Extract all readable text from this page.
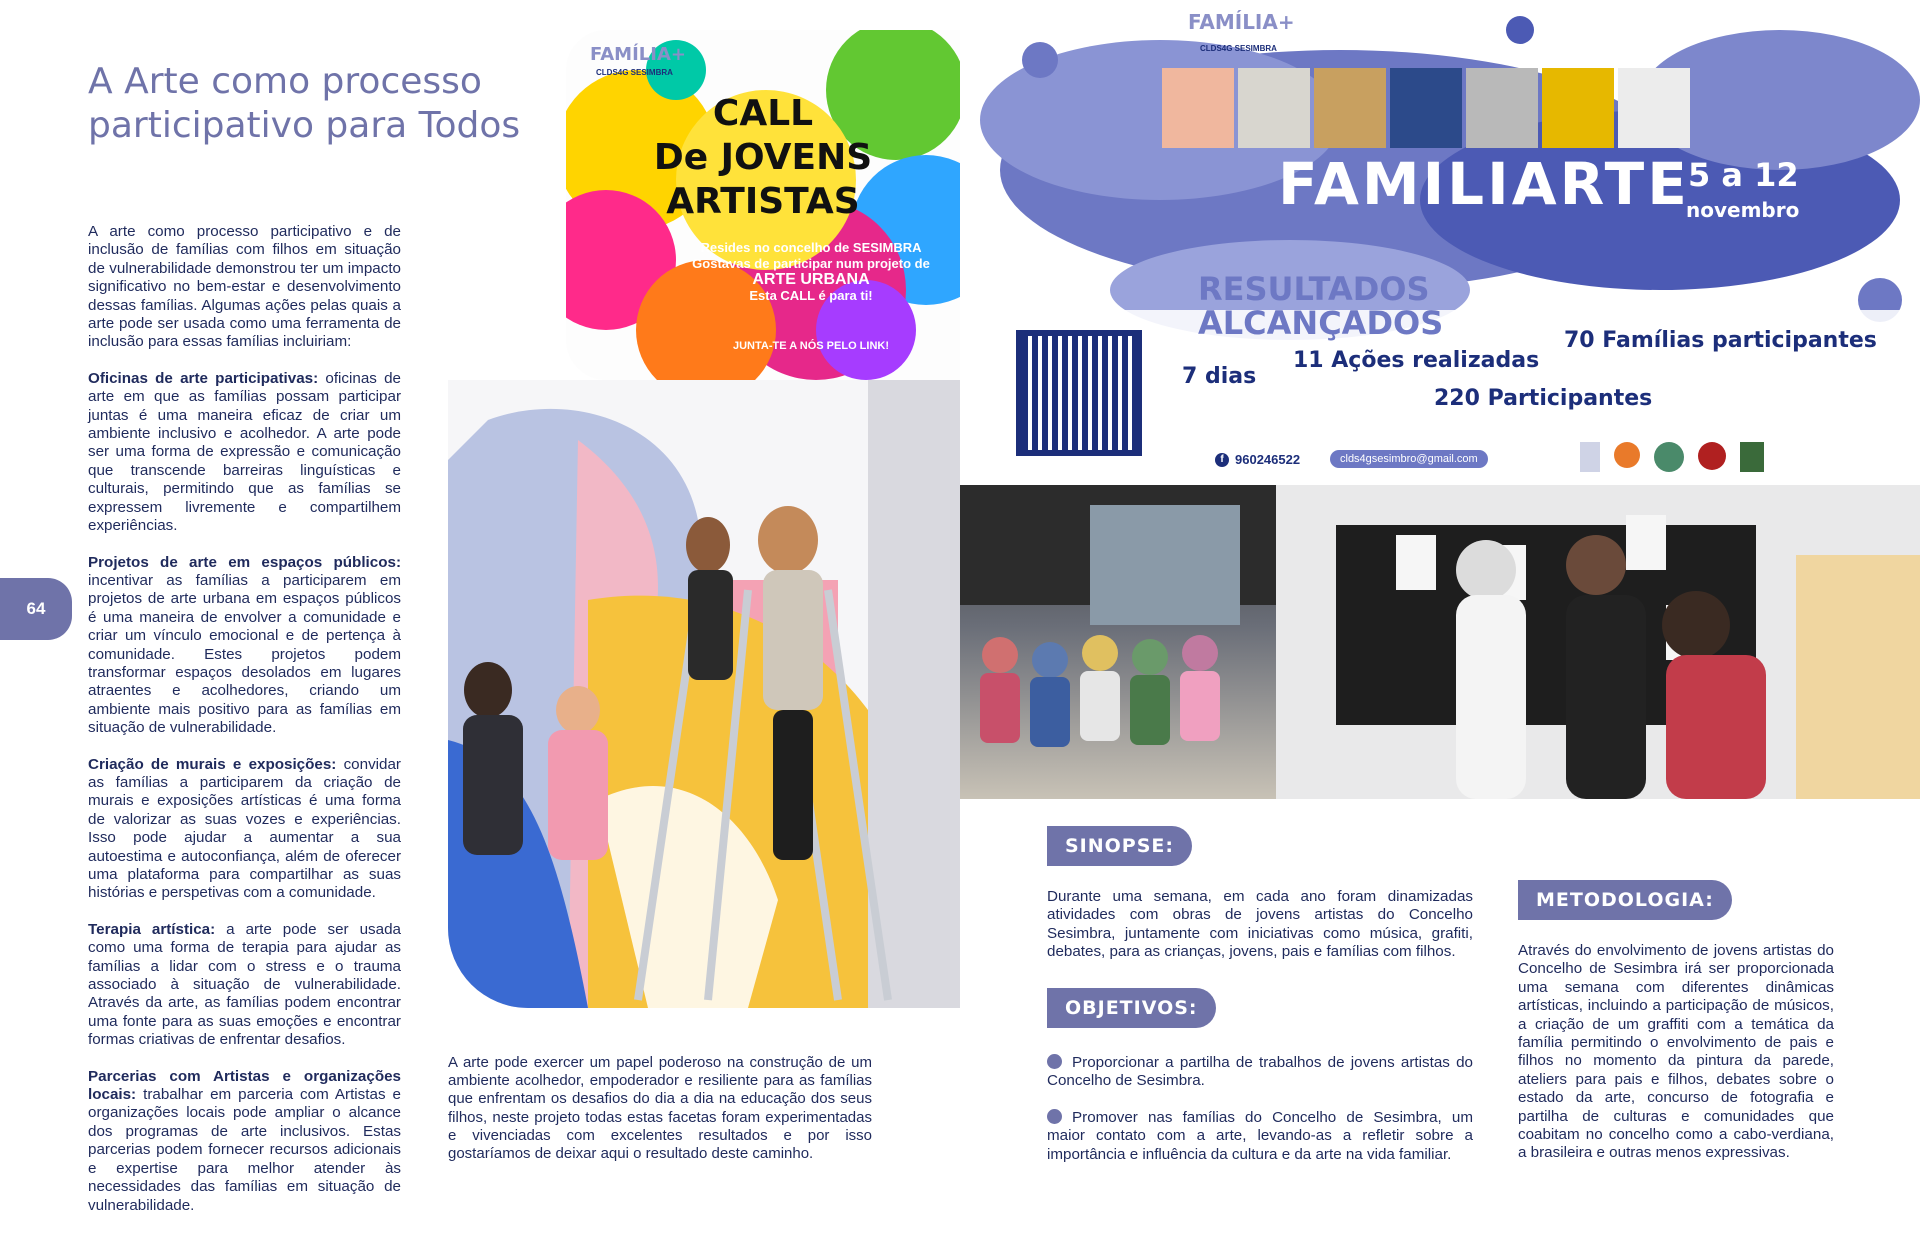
A Arte como processo
participativo para Todos
64

A arte como processo participativo e de inclusão de famílias com filhos em situação de vulnerabilidade demonstrou ter um impacto significativo no bem-estar e desenvolvimento dessas famílias. Algumas ações pelas quais a arte pode ser usada como uma ferramenta de inclusão para essas famílias incluiriam:

Oficinas de arte participativas: oficinas de arte em que as famílias possam participar juntas é uma maneira eficaz de criar um ambiente inclusivo e acolhedor. A arte pode ser uma forma de expressão e comunicação que transcende barreiras linguísticas e culturais, permitindo que as famílias se expressem livremente e compartilhem experiências.

Projetos de arte em espaços públicos: incentivar as famílias a participarem em projetos de arte urbana em espaços públicos é uma maneira de envolver a comunidade e criar um vínculo emocional e de pertença à comunidade. Estes projetos podem transformar espaços desolados em lugares atraentes e acolhedores, criando um ambiente mais positivo para as famílias em situação de vulnerabilidade.

Criação de murais e exposições: convidar as famílias a participarem da criação de murais e exposições artísticas é uma forma de valorizar as suas vozes e experiências. Isso pode ajudar a aumentar a sua autoestima e autoconfiança, além de oferecer uma plataforma para compartilhar as suas histórias e perspetivas com a comunidade.

Terapia artística: a arte pode ser usada como uma forma de terapia para ajudar as famílias a lidar com o stress e o trauma associado à situação de vulnerabilidade. Através da arte, as famílias podem encontrar uma fonte para as suas emoções e encontrar formas criativas de enfrentar desafios.

Parcerias com Artistas e organizações locais: trabalhar em parceria com Artistas e organizações locais pode ampliar o alcance dos programas de arte inclusivos. Estas parcerias podem fornecer recursos adicionais e expertise para melhor atender às necessidades das famílias em situação de vulnerabilidade.

FAMÍLIA+
CLDS4G SESIMBRA
CALL
De JOVENS
ARTISTAS
Resides no concelho de SESIMBRA
Gostavas de participar num projeto de
ARTE URBANA
Esta CALL é para ti!
JUNTA-TE A NÓS PELO LINK!
FAMÍLIA+
CLDS4G SESIMBRA
FAMILIARTE
5 a 12
novembro
RESULTADOS
ALCANÇADOS
7 dias
11 Ações realizadas
70 Famílias participantes
220 Participantes
f 960246522	clds4gsesimbro@gmail.com
A arte pode exercer um papel poderoso na construção de um ambiente acolhedor, empoderador e resiliente para as famílias que enfrentam os desafios do dia a dia na educação dos seus filhos, neste projeto todas estas facetas foram experimentadas e vivenciadas com excelentes resultados e por isso gostaríamos de deixar aqui o resultado deste caminho.
SINOPSE:
Durante uma semana, em cada ano foram dinamizadas atividades com obras de jovens artistas do Concelho Sesimbra, juntamente com iniciativas como música, grafiti, debates, para as crianças, jovens, pais e famílias com filhos.
OBJETIVOS:

Proporcionar a partilha de trabalhos de jovens artistas do Concelho de Sesimbra.

Promover nas famílias do Concelho de Sesimbra, um maior contato com a arte, levando-as a refletir sobre a importância e influência da cultura e da arte na vida familiar.

METODOLOGIA:
Através do envolvimento de jovens artistas do Concelho de Sesimbra irá ser proporcionada uma semana com diferentes dinâmicas artísticas, incluindo a participação de músicos, a criação de um graffiti com a temática da família permitindo o envolvimento de pais e filhos no momento da pintura da parede, ateliers para pais e filhos, debates sobre o estado da arte, concurso de fotografia e partilha de culturas e comunidades que coabitam no concelho como a cabo-verdiana, a brasileira e outras menos expressivas.
